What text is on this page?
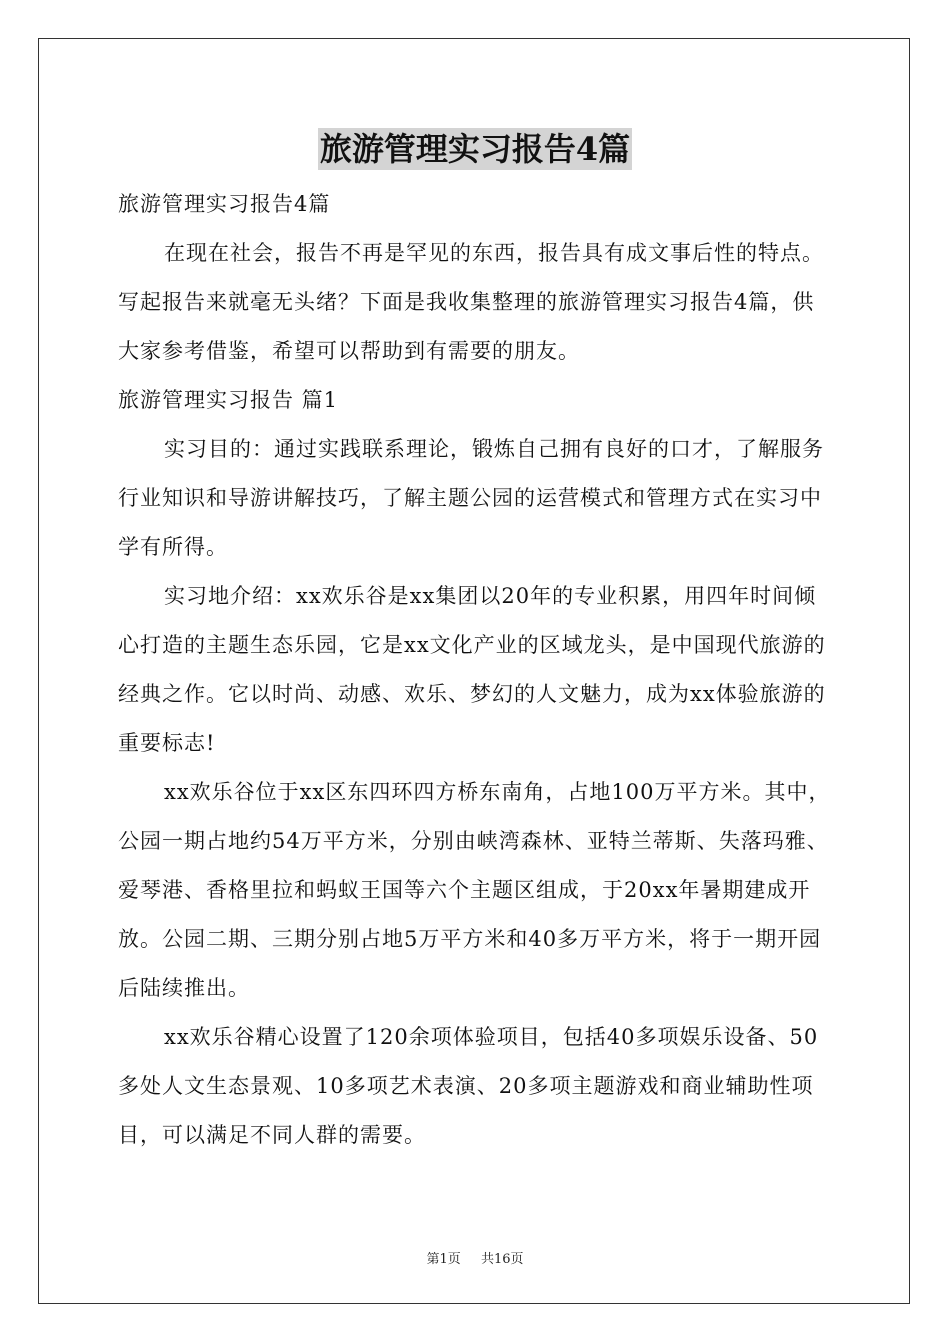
旅游管理实习报告4篇

旅游管理实习报告4篇

在现在社会，报告不再是罕见的东西，报告具有成文事后性的特点。写起报告来就毫无头绪？下面是我收集整理的旅游管理实习报告4篇，供大家参考借鉴，希望可以帮助到有需要的朋友。

旅游管理实习报告 篇1

实习目的：通过实践联系理论，锻炼自己拥有良好的口才，了解服务行业知识和导游讲解技巧，了解主题公园的运营模式和管理方式在实习中学有所得。

实习地介绍：xx欢乐谷是xx集团以20年的专业积累，用四年时间倾心打造的主题生态乐园，它是xx文化产业的区域龙头，是中国现代旅游的经典之作。它以时尚、动感、欢乐、梦幻的人文魅力，成为xx体验旅游的重要标志!

xx欢乐谷位于xx区东四环四方桥东南角，占地100万平方米。其中，公园一期占地约54万平方米，分别由峡湾森林、亚特兰蒂斯、失落玛雅、爱琴港、香格里拉和蚂蚁王国等六个主题区组成，于20xx年暑期建成开放。公园二期、三期分别占地5万平方米和40多万平方米，将于一期开园后陆续推出。

xx欢乐谷精心设置了120余项体验项目，包括40多项娱乐设备、50多处人文生态景观、10多项艺术表演、20多项主题游戏和商业辅助性项目，可以满足不同人群的需要。

第1页 共16页
